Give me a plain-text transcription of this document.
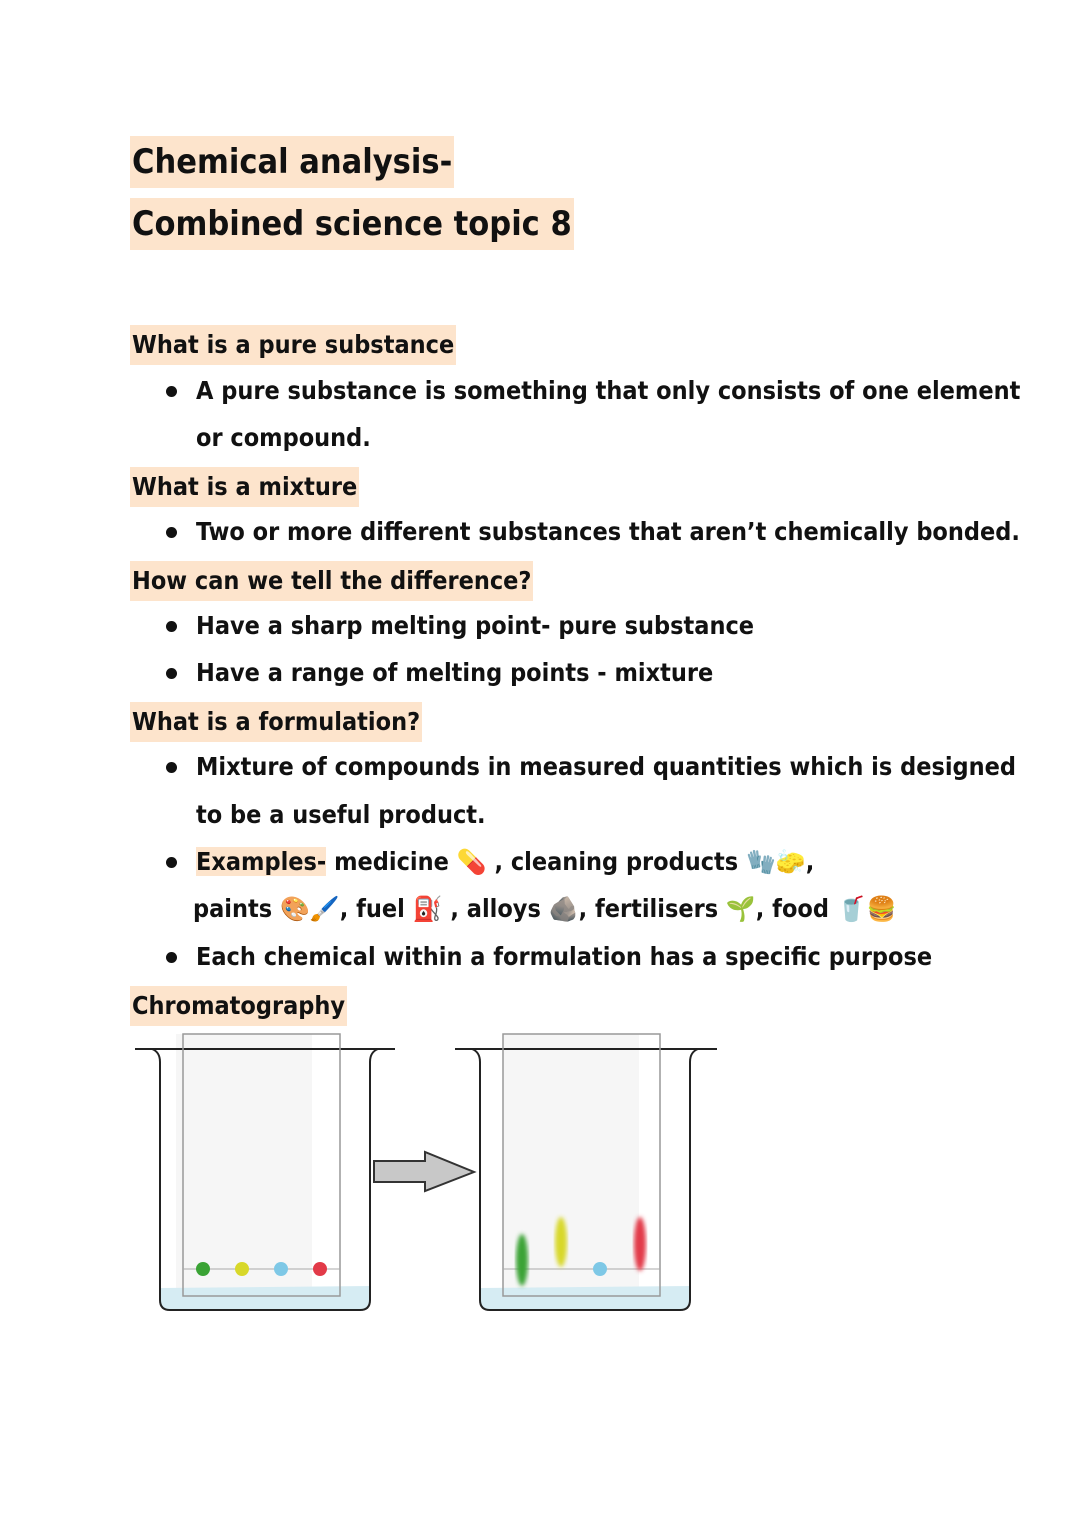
Chemical analysis-
Combined science topic 8
What is a pure substance
A pure substance is something that only consists of one element
or compound.
What is a mixture
Two or more different substances that aren’t chemically bonded.
How can we tell the difference?
Have a sharp melting point- pure substance
Have a range of melting points - mixture
What is a formulation?
Mixture of compounds in measured quantities which is designed
to be a useful product.
Examples- medicine 💊 , cleaning products 🧤🧽,
paints 🎨🖌️, fuel ⛽ , alloys 🪨, fertilisers 🌱, food 🥤🍔
Each chemical within a formulation has a specific purpose
Chromatography
